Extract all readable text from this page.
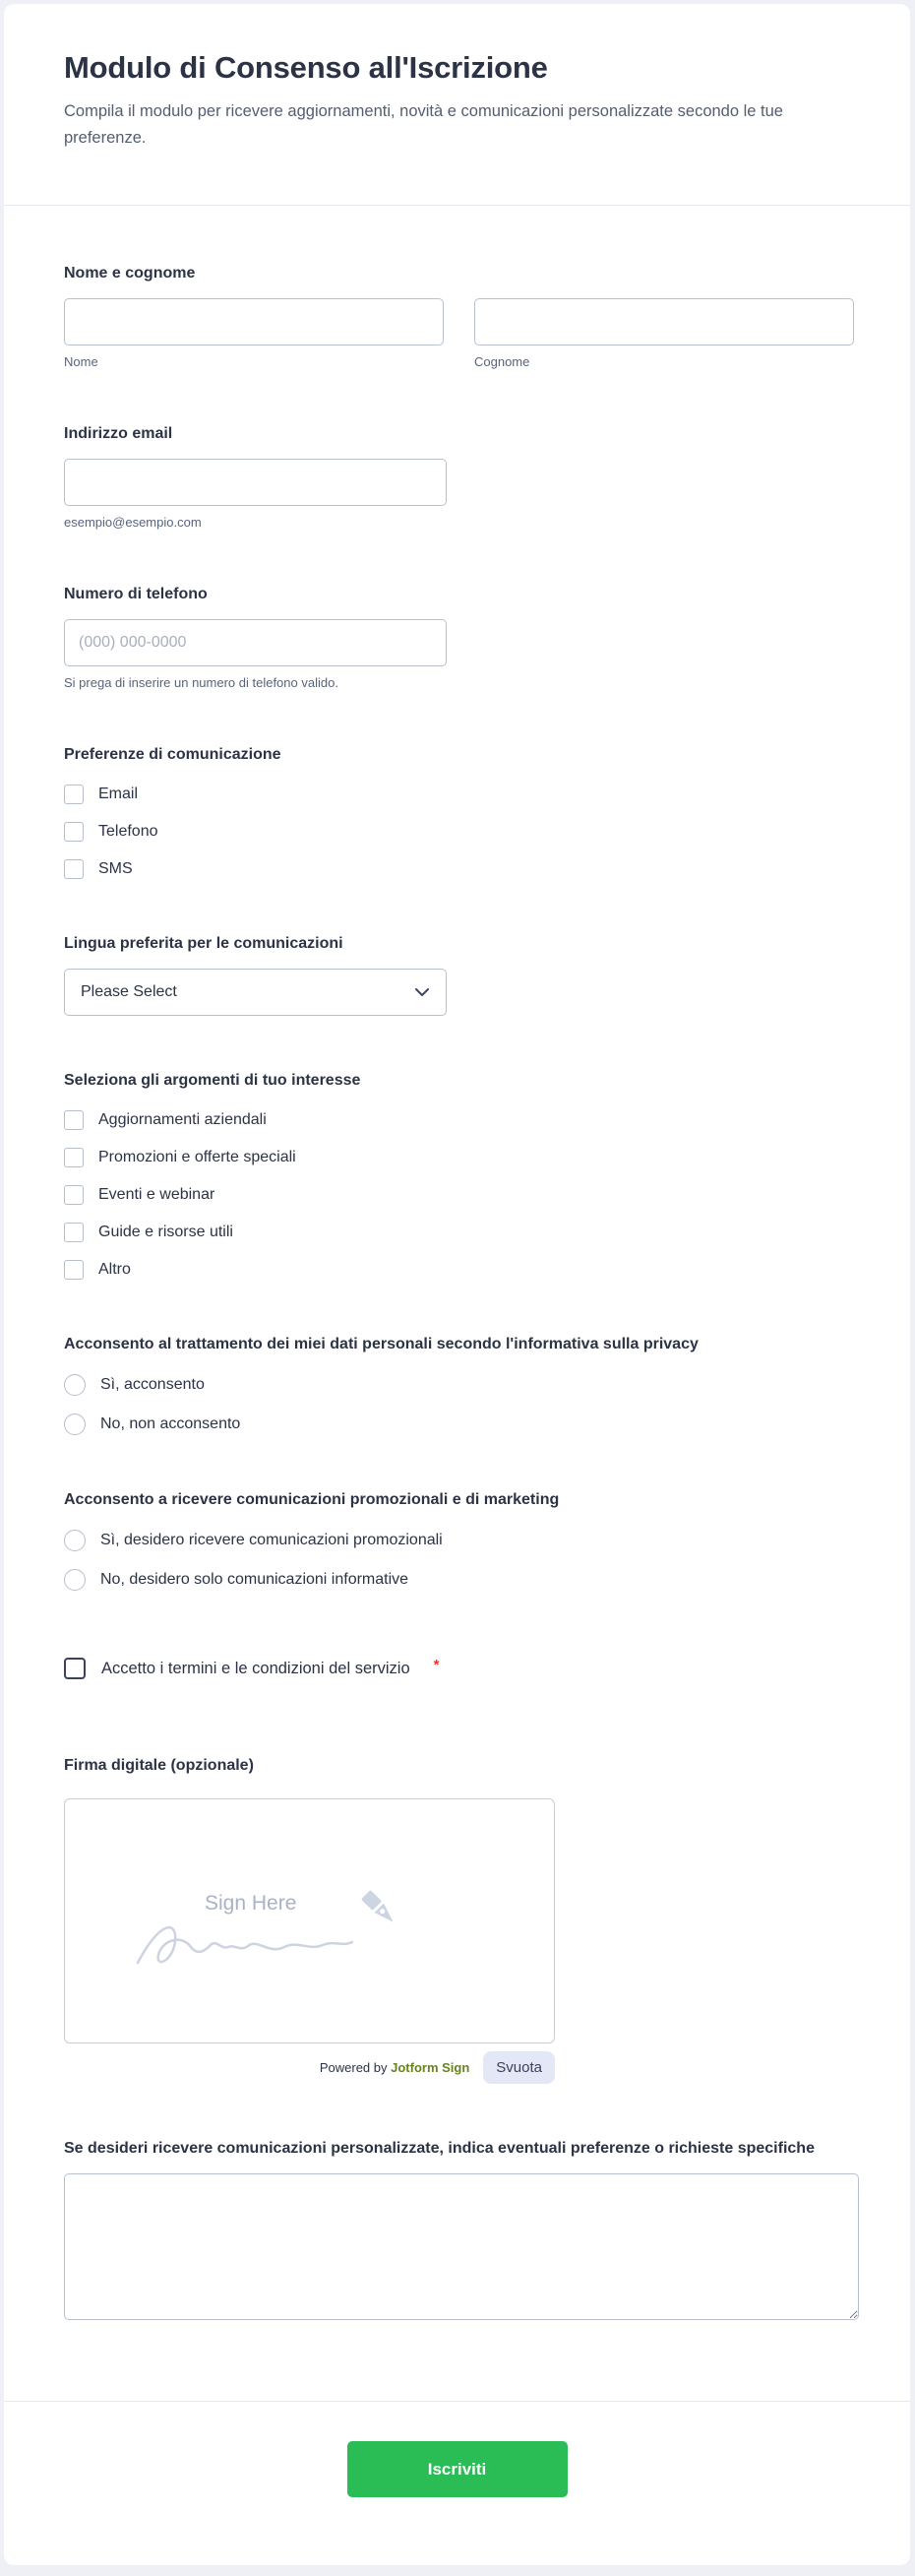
Modulo di Consenso all'Iscrizione

Compila il modulo per ricevere aggiornamenti, novità e comunicazioni personalizzate secondo le tue preferenze.

Nome e cognome
Nome	Cognome
Indirizzo email
esempio@esempio.com
Numero di telefono
(000) 000-0000
Si prega di inserire un numero di telefono valido.
Preferenze di comunicazione
Email
Telefono
SMS
Lingua preferita per le comunicazioni
Please Select
Seleziona gli argomenti di tuo interesse
Aggiornamenti aziendali
Promozioni e offerte speciali
Eventi e webinar
Guide e risorse utili
Altro
Acconsento al trattamento dei miei dati personali secondo l'informativa sulla privacy
Sì, acconsento
No, non acconsento
Acconsento a ricevere comunicazioni promozionali e di marketing
Sì, desidero ricevere comunicazioni promozionali
No, desidero solo comunicazioni informative
Accetto i termini e le condizioni del servizio *
Firma digitale (opzionale)
Sign Here
Powered by Jotform Sign	Svuota
Se desideri ricevere comunicazioni personalizzate, indica eventuali preferenze o richieste specifiche
Iscriviti
